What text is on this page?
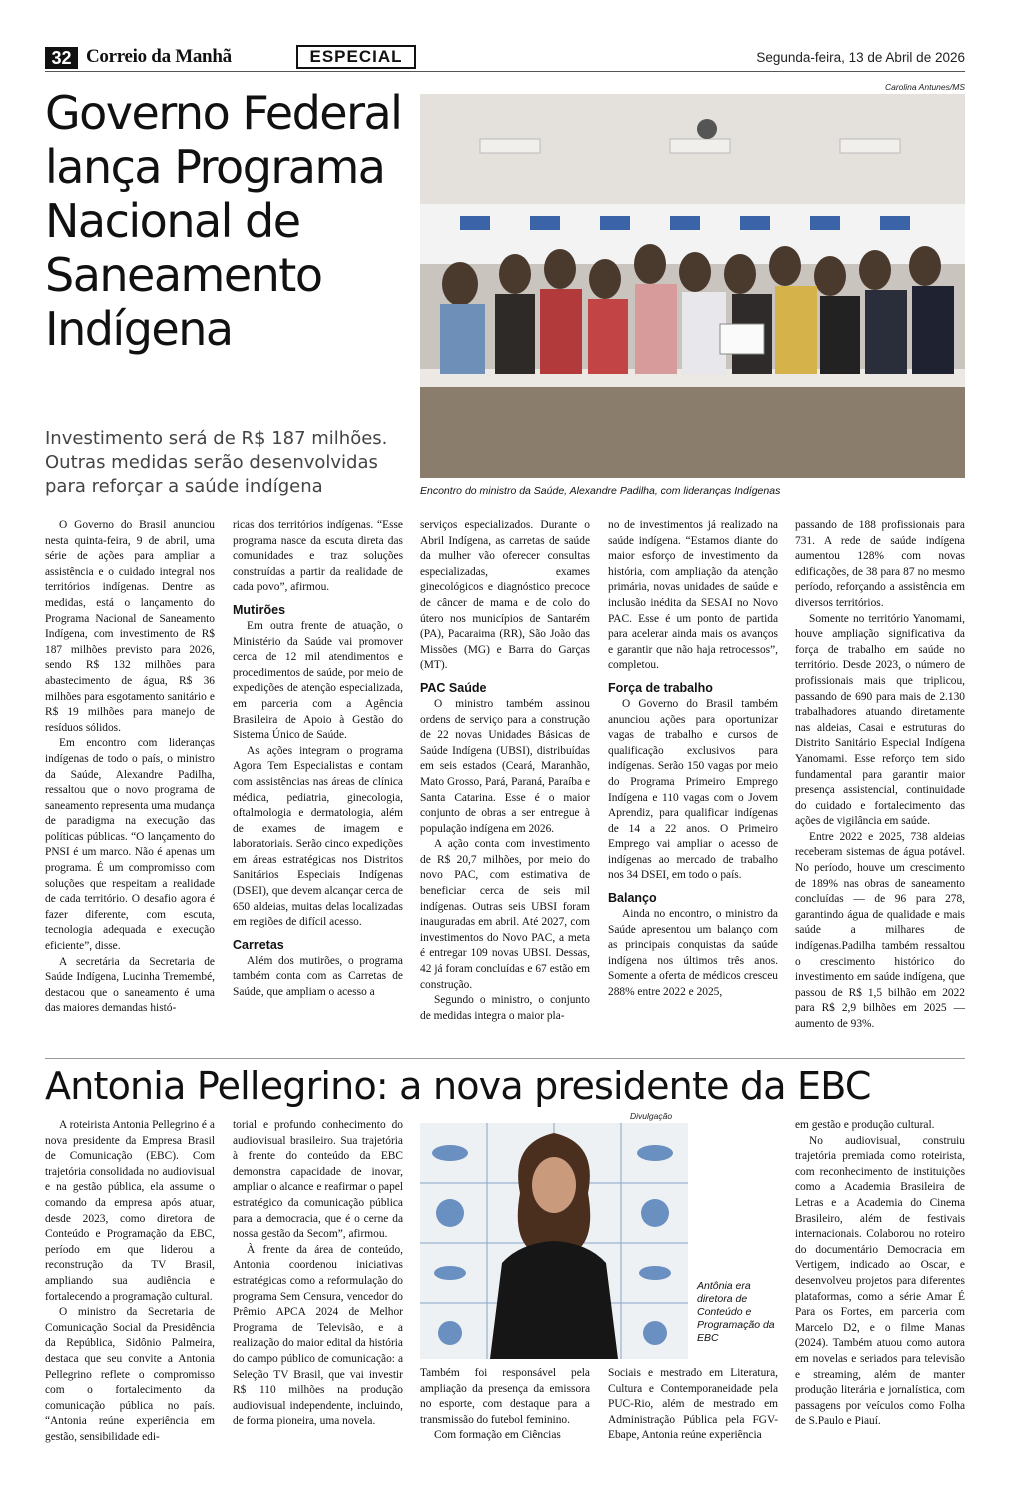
32 Correio da Manhã	ESPECIAL	Segunda-feira, 13 de Abril de 2026
Governo Federal lança Programa Nacional de Saneamento Indígena

Investimento será de R$ 187 milhões. Outras medidas serão desenvolvidas para reforçar a saúde indígena

Carolina Antunes/MS
Encontro do ministro da Saúde, Alexandre Padilha, com lideranças Indígenas

O Governo do Brasil anunciou nesta quinta-feira, 9 de abril, uma série de ações para ampliar a assistência e o cuidado integral nos territórios indígenas. Dentre as medidas, está o lançamento do Programa Nacional de Saneamento Indígena, com investimento de R$ 187 milhões previsto para 2026, sendo R$ 132 milhões para abastecimento de água, R$ 36 milhões para esgotamento sanitário e R$ 19 milhões para manejo de resíduos sólidos.

Em encontro com lideranças indígenas de todo o país, o ministro da Saúde, Alexandre Padilha, ressaltou que o novo programa de saneamento representa uma mudança de paradigma na execução das políticas públicas. “O lançamento do PNSI é um marco. Não é apenas um programa. É um compromisso com soluções que respeitam a realidade de cada território. O desafio agora é fazer diferente, com escuta, tecnologia adequada e execução eficiente”, disse.

A secretária da Secretaria de Saúde Indígena, Lucinha Tremembé, destacou que o saneamento é uma das maiores demandas histó-

ricas dos territórios indígenas. “Esse programa nasce da escuta direta das comunidades e traz soluções construídas a partir da realidade de cada povo”, afirmou.

Mutirões

Em outra frente de atuação, o Ministério da Saúde vai promover cerca de 12 mil atendimentos e procedimentos de saúde, por meio de expedições de atenção especializada, em parceria com a Agência Brasileira de Apoio à Gestão do Sistema Único de Saúde.

As ações integram o programa Agora Tem Especialistas e contam com assistências nas áreas de clínica médica, pediatria, ginecologia, oftalmologia e dermatologia, além de exames de imagem e laboratoriais. Serão cinco expedições em áreas estratégicas nos Distritos Sanitários Especiais Indígenas (DSEI), que devem alcançar cerca de 650 aldeias, muitas delas localizadas em regiões de difícil acesso.

Carretas

Além dos mutirões, o programa também conta com as Carretas de Saúde, que ampliam o acesso a

serviços especializados. Durante o Abril Indígena, as carretas de saúde da mulher vão oferecer consultas especializadas, exames ginecológicos e diagnóstico precoce de câncer de mama e de colo do útero nos municípios de Santarém (PA), Pacaraima (RR), São João das Missões (MG) e Barra do Garças (MT).

PAC Saúde

O ministro também assinou ordens de serviço para a construção de 22 novas Unidades Básicas de Saúde Indígena (UBSI), distribuídas em seis estados (Ceará, Maranhão, Mato Grosso, Pará, Paraná, Paraíba e Santa Catarina. Esse é o maior conjunto de obras a ser entregue à população indígena em 2026.

A ação conta com investimento de R$ 20,7 milhões, por meio do novo PAC, com estimativa de beneficiar cerca de seis mil indígenas. Outras seis UBSI foram inauguradas em abril. Até 2027, com investimentos do Novo PAC, a meta é entregar 109 novas UBSI. Dessas, 42 já foram concluídas e 67 estão em construção.

Segundo o ministro, o conjunto de medidas integra o maior pla-

no de investimentos já realizado na saúde indígena. “Estamos diante do maior esforço de investimento da história, com ampliação da atenção primária, novas unidades de saúde e inclusão inédita da SESAI no Novo PAC. Esse é um ponto de partida para acelerar ainda mais os avanços e garantir que não haja retrocessos”, completou.

Força de trabalho

O Governo do Brasil também anunciou ações para oportunizar vagas de trabalho e cursos de qualificação exclusivos para indígenas. Serão 150 vagas por meio do Programa Primeiro Emprego Indígena e 110 vagas com o Jovem Aprendiz, para qualificar indígenas de 14 a 22 anos. O Primeiro Emprego vai ampliar o acesso de indígenas ao mercado de trabalho nos 34 DSEI, em todo o país.

Balanço

Ainda no encontro, o ministro da Saúde apresentou um balanço com as principais conquistas da saúde indígena nos últimos três anos. Somente a oferta de médicos cresceu 288% entre 2022 e 2025,

passando de 188 profissionais para 731. A rede de saúde indígena aumentou 128% com novas edificações, de 38 para 87 no mesmo período, reforçando a assistência em diversos territórios.

Somente no território Yanomami, houve ampliação significativa da força de trabalho em saúde no território. Desde 2023, o número de profissionais mais que triplicou, passando de 690 para mais de 2.130 trabalhadores atuando diretamente nas aldeias, Casai e estruturas do Distrito Sanitário Especial Indígena Yanomami. Esse reforço tem sido fundamental para garantir maior presença assistencial, continuidade do cuidado e fortalecimento das ações de vigilância em saúde.

Entre 2022 e 2025, 738 aldeias receberam sistemas de água potável. No período, houve um crescimento de 189% nas obras de saneamento concluídas — de 96 para 278, garantindo água de qualidade e mais saúde a milhares de indígenas.Padilha também ressaltou o crescimento histórico do investimento em saúde indígena, que passou de R$ 1,5 bilhão em 2022 para R$ 2,9 bilhões em 2025 — aumento de 93%.

Antonia Pellegrino: a nova presidente da EBC

A roteirista Antonia Pellegrino é a nova presidente da Empresa Brasil de Comunicação (EBC). Com trajetória consolidada no audiovisual e na gestão pública, ela assume o comando da empresa após atuar, desde 2023, como diretora de Conteúdo e Programação da EBC, período em que liderou a reconstrução da TV Brasil, ampliando sua audiência e fortalecendo a programação cultural.

O ministro da Secretaria de Comunicação Social da Presidência da República, Sidônio Palmeira, destaca que seu convite a Antonia Pellegrino reflete o compromisso com o fortalecimento da comunicação pública no país. “Antonia reúne experiência em gestão, sensibilidade edi-

torial e profundo conhecimento do audiovisual brasileiro. Sua trajetória à frente do conteúdo da EBC demonstra capacidade de inovar, ampliar o alcance e reafirmar o papel estratégico da comunicação pública para a democracia, que é o cerne da nossa gestão da Secom”, afirmou.

À frente da área de conteúdo, Antonia coordenou iniciativas estratégicas como a reformulação do programa Sem Censura, vencedor do Prêmio APCA 2024 de Melhor Programa de Televisão, e a realização do maior edital da história do campo público de comunicação: a Seleção TV Brasil, que vai investir R$ 110 milhões na produção audiovisual independente, incluindo, de forma pioneira, uma novela.

Divulgação
Antônia era diretora de Conteúdo e Programação da EBC

Também foi responsável pela ampliação da presença da emissora no esporte, com destaque para a transmissão do futebol feminino.

Com formação em Ciências

Sociais e mestrado em Literatura, Cultura e Contemporaneidade pela PUC-Rio, além de mestrado em Administração Pública pela FGV-Ebape, Antonia reúne experiência

em gestão e produção cultural.

No audiovisual, construiu trajetória premiada como roteirista, com reconhecimento de instituições como a Academia Brasileira de Letras e a Academia do Cinema Brasileiro, além de festivais internacionais. Colaborou no roteiro do documentário Democracia em Vertigem, indicado ao Oscar, e desenvolveu projetos para diferentes plataformas, como a série Amar É Para os Fortes, em parceria com Marcelo D2, e o filme Manas (2024). Também atuou como autora em novelas e seriados para televisão e streaming, além de manter produção literária e jornalística, com passagens por veículos como Folha de S.Paulo e Piauí.
